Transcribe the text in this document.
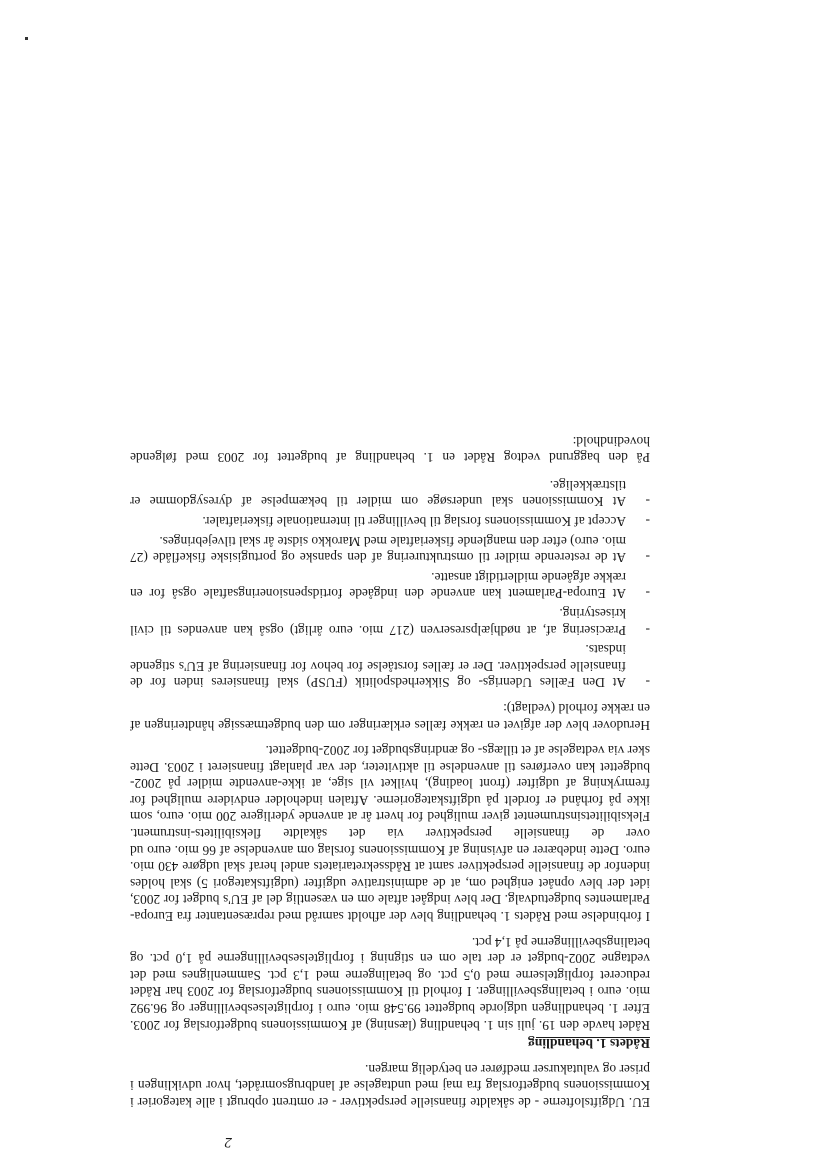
2

EU. Udgiftslofterne - de såkaldte finansielle perspektiver - er omtrent opbrugt i alle kategorier i Kommissionens budgetforslag fra maj med undtagelse af landbrugsområdet, hvor udviklingen i priser og valutakurser medfører en betydelig margen.

Rådets 1. behandling

Rådet havde den 19. juli sin 1. behandling (læsning) af Kommissionens budgetforslag for 2003. Efter 1. behandlingen udgjorde budgettet 99.548 mio. euro i forpligtelsesbevillinger og 96.992 mio. euro i betalingsbevillinger. I forhold til Kommissionens budgetforslag for 2003 har Rådet reduceret forpligtelserne med 0,5 pct. og betalingerne med 1,3 pct. Sammenlignes med det vedtagne 2002-budget er der tale om en stigning i forpligtelsesbevillingerne på 1,0 pct. og betalingsbevillingerne på 1,4 pct.

I forbindelse med Rådets 1. behandling blev der afholdt samråd med repræsentanter fra Europa-Parlamentes budgetudvalg. Der blev indgået aftale om en væsentlig del af EU's budget for 2003, idet der blev opnået enighed om, at de administrative udgifter (udgiftskategori 5) skal holdes indenfor de finansielle perspektiver samt at Rådssekretariatets andel heraf skal udgøre 430 mio. euro. Dette indebærer en afvisning af Kommissionens forslag om anvendelse af 66 mio. euro ud over de finansielle perspektiver via det såkaldte fleksibilitets-instrument. Fleksibilitetsinstrumentet giver mulighed for hvert år at anvende yderligere 200 mio. euro, som ikke på forhånd er fordelt på udgiftskategorierne. Aftalen indeholder endvidere mulighed for fremrykning af udgifter (front loading), hvilket vil sige, at ikke-anvendte midler på 2002-budgettet kan overføres til anvendelse til aktiviteter, der var planlagt finansieret i 2003. Dette sker via vedtagelse af et tillægs- og ændringsbudget for 2002-budgettet.

Herudover blev der afgivet en række fælles erklæringer om den budgetmæssige håndteringen af en række forhold (vedlagt):

-
At Den Fælles Udenrigs- og Sikkerhedspolitik (FUSP) skal finansieres inden for de finansielle perspektiver. Der er fælles forståelse for behov for finansiering af EU's stigende indsats.
-
Præcisering af, at nødhjælpsreserven (217 mio. euro årligt) også kan anvendes til civil krisestyring.
-
At Europa-Parlament kan anvende den indgåede fortidspensioneringsaftale også for en række afgående midlertidigt ansatte.
-
At de resterende midler til omstrukturering af den spanske og portugisiske fiskeflåde (27 mio. euro) efter den manglende fiskeriaftale med Marokko sidste år skal tilvejebringes.
-
Accept af Kommissionens forslag til bevillinger til internationale fiskeriaftaler.
-
At Kommissionen skal undersøge om midler til bekæmpelse af dyresygdomme er tilstrækkelige.

På den baggrund vedtog Rådet en 1. behandling af budgettet for 2003 med følgende hovedindhold:
